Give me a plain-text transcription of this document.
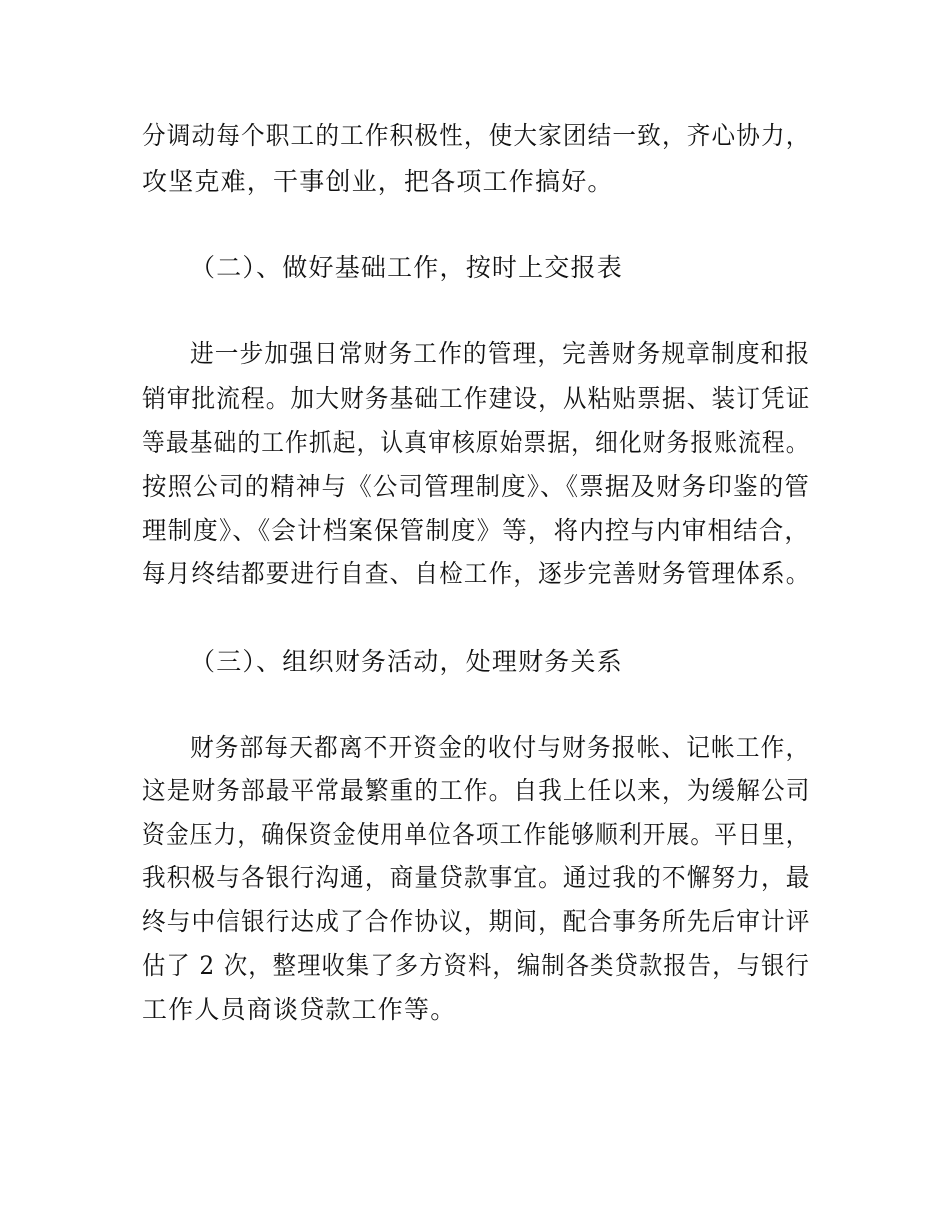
分调动每个职工的工作积极性，使大家团结一致，齐心协力，
攻坚克难，干事创业，把各项工作搞好。
（二）、做好基础工作，按时上交报表
进一步加强日常财务工作的管理，完善财务规章制度和报
销审批流程。加大财务基础工作建设，从粘贴票据、装订凭证
等最基础的工作抓起，认真审核原始票据，细化财务报账流程。
按照公司的精神与《公司管理制度》、《票据及财务印鉴的管
理制度》、《会计档案保管制度》等，将内控与内审相结合，
每月终结都要进行自查、自检工作，逐步完善财务管理体系。
（三）、组织财务活动，处理财务关系
财务部每天都离不开资金的收付与财务报帐、记帐工作，
这是财务部最平常最繁重的工作。自我上任以来，为缓解公司
资金压力，确保资金使用单位各项工作能够顺利开展。平日里，
我积极与各银行沟通，商量贷款事宜。通过我的不懈努力，最
终与中信银行达成了合作协议，期间，配合事务所先后审计评
估了 2 次，整理收集了多方资料，编制各类贷款报告，与银行
工作人员商谈贷款工作等。
